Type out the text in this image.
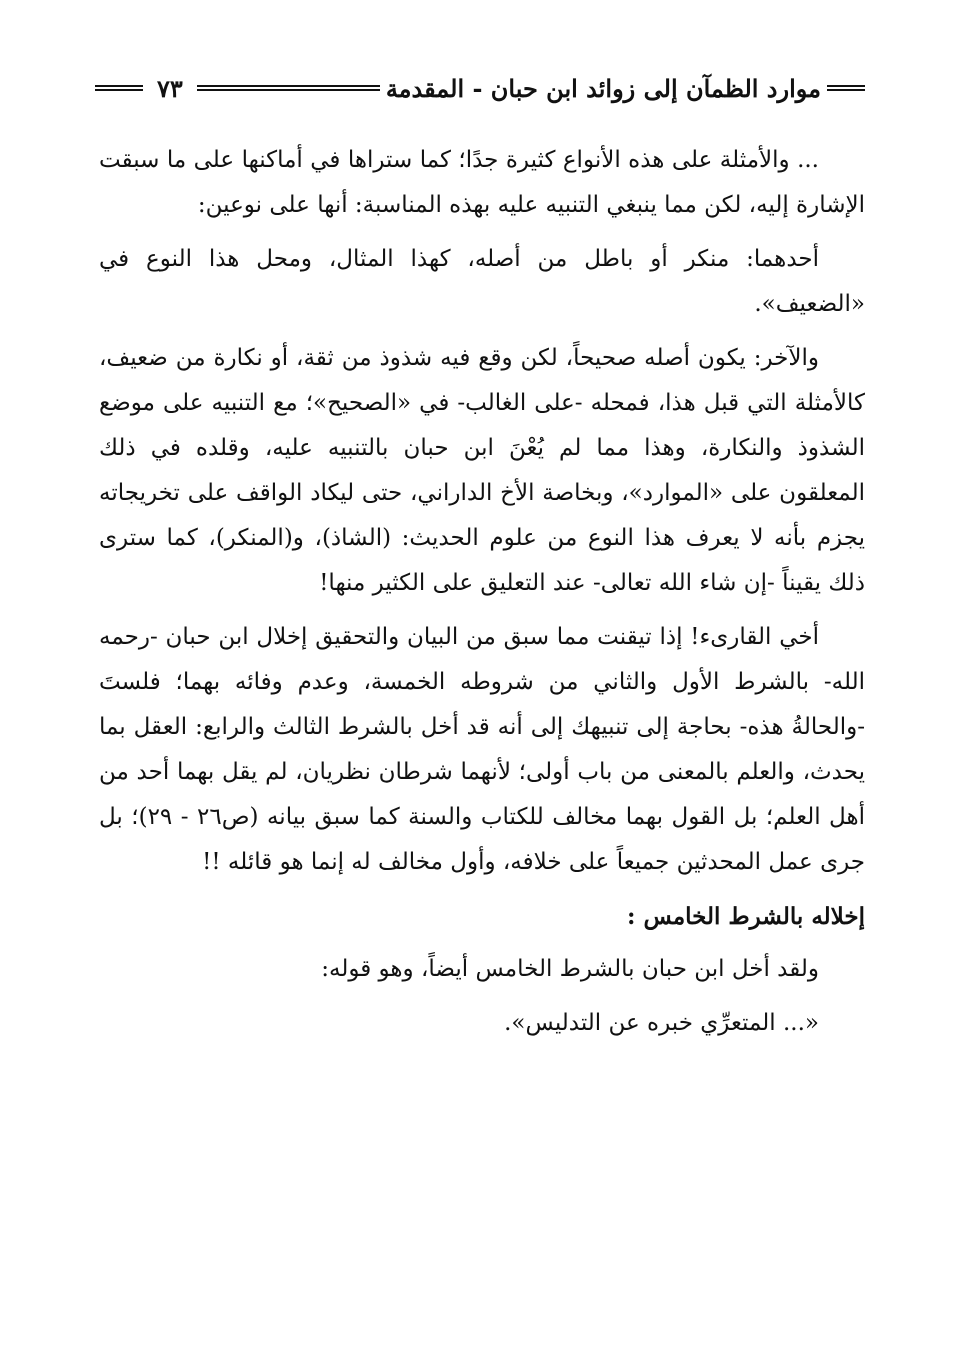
موارد الظمآن إلى زوائد ابن حبان - المقدمة
٧٣

... والأمثلة على هذه الأنواع كثيرة جدًا؛ كما ستراها في أماكنها على ما سبقت الإشارة إليه، لكن مما ينبغي التنبيه عليه بهذه المناسبة: أنها على نوعين:

أحدهما: منكر أو باطل من أصله، كهذا المثال، ومحل هذا النوع في «الضعيف».

والآخر: يكون أصله صحيحاً، لكن وقع فيه شذوذ من ثقة، أو نكارة من ضعيف، كالأمثلة التي قبل هذا، فمحله -على الغالب- في «الصحيح»؛ مع التنبيه على موضع الشذوذ والنكارة، وهذا مما لم يُعْنَ ابن حبان بالتنبيه عليه، وقلده في ذلك المعلقون على «الموارد»، وبخاصة الأخ الداراني، حتى ليكاد الواقف على تخريجاته يجزم بأنه لا يعرف هذا النوع من علوم الحديث: (الشاذ)، و(المنكر)، كما سترى ذلك يقيناً -إن شاء الله تعالى- عند التعليق على الكثير منها!

أخي القارىء! إذا تيقنت مما سبق من البيان والتحقيق إخلال ابن حبان -رحمه الله- بالشرط الأول والثاني من شروطه الخمسة، وعدم وفائه بهما؛ فلستَ -والحالةُ هذه- بحاجة إلى تنبيهك إلى أنه قد أخل بالشرط الثالث والرابع: العقل بما يحدث، والعلم بالمعنى من باب أولى؛ لأنهما شرطان نظريان، لم يقل بهما أحد من أهل العلم؛ بل القول بهما مخالف للكتاب والسنة كما سبق بيانه (ص٢٦ - ٢٩)؛ بل جرى عمل المحدثين جميعاً على خلافه، وأول مخالف له إنما هو قائله !!

إخلاله بالشرط الخامس :

ولقد أخل ابن حبان بالشرط الخامس أيضاً، وهو قوله:

«... المتعرِّي خبره عن التدليس».
